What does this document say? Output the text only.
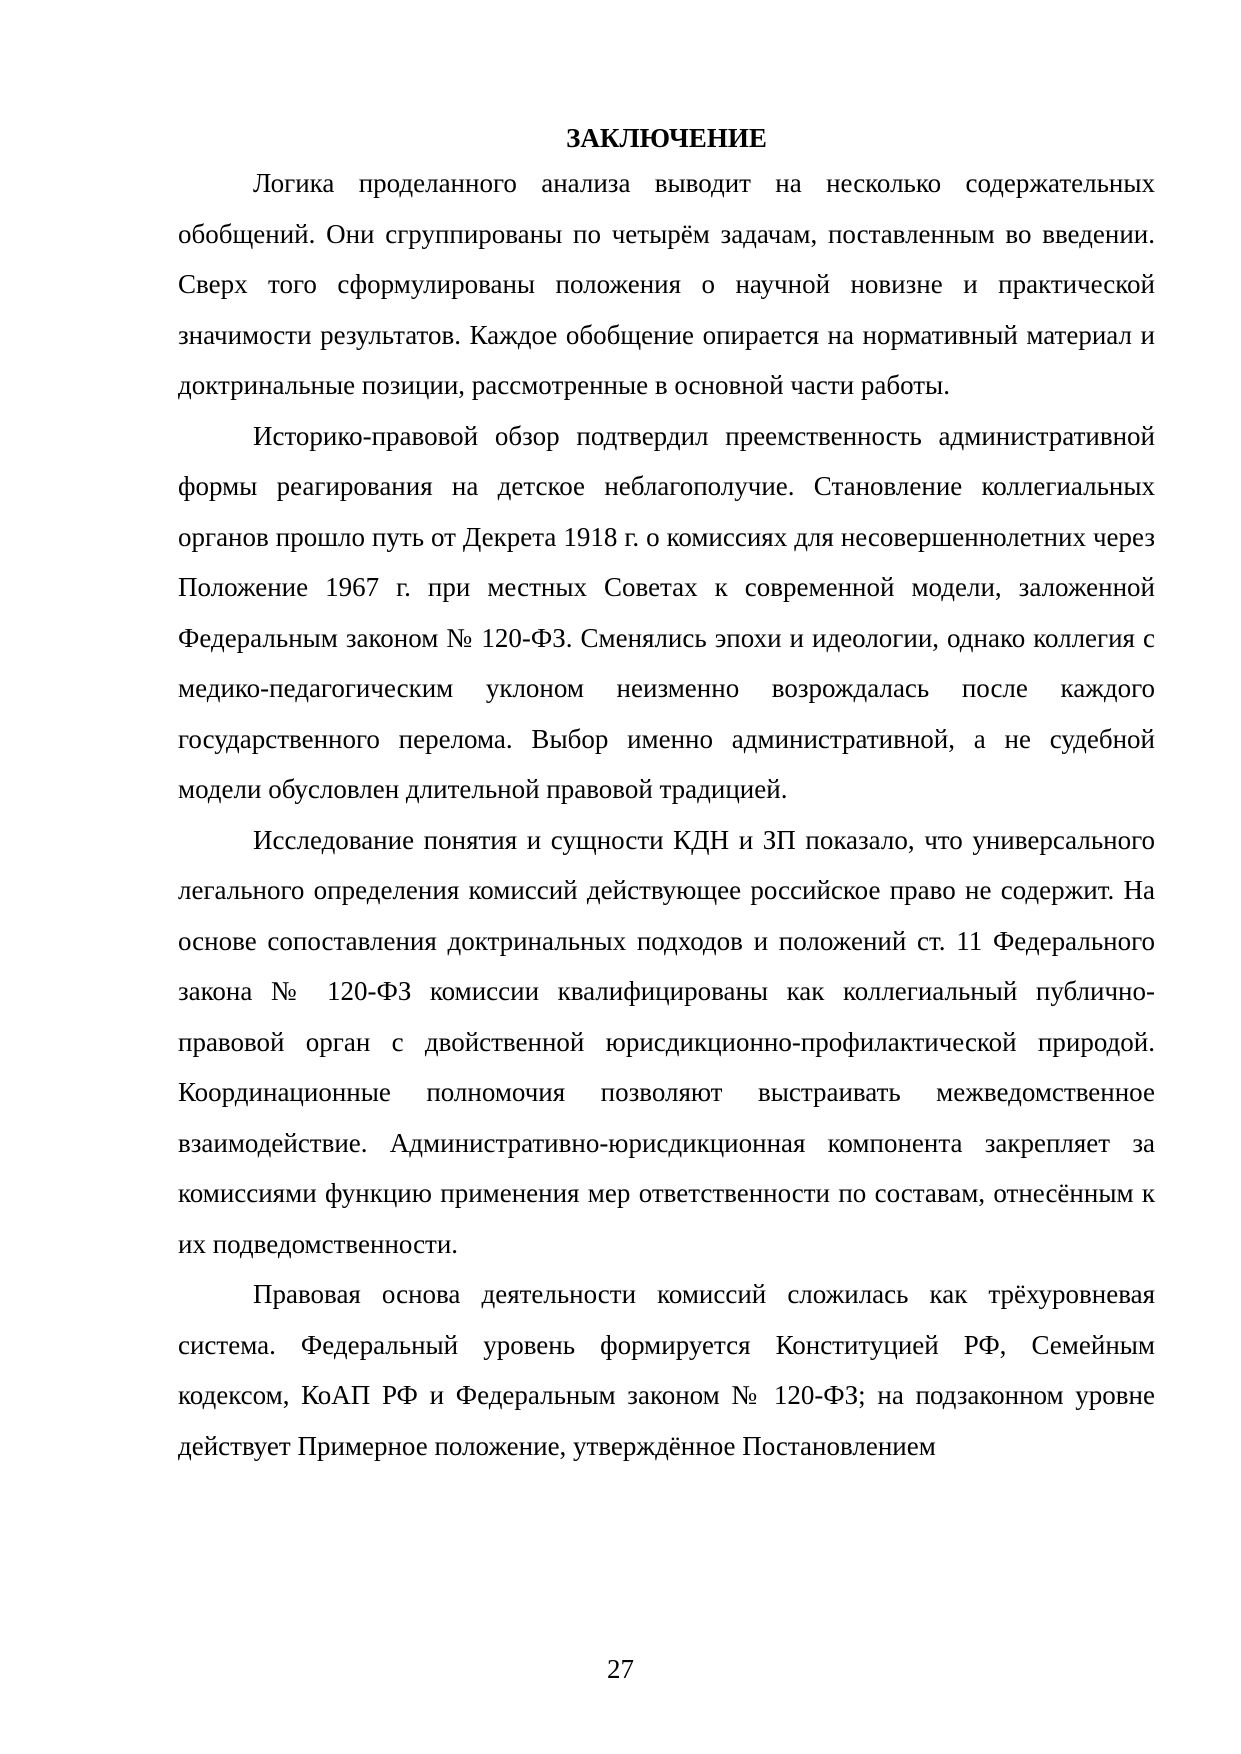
ЗАКЛЮЧЕНИЕ

Логика проделанного анализа выводит на несколько содержательных обобщений. Они сгруппированы по четырём задачам, поставленным во введении. Сверх того сформулированы положения о научной новизне и практической значимости результатов. Каждое обобщение опирается на нормативный материал и доктринальные позиции, рассмотренные в основной части работы.

Историко-правовой обзор подтвердил преемственность административной формы реагирования на детское неблагополучие. Становление коллегиальных органов прошло путь от Декрета 1918 г. о комиссиях для несовершеннолетних через Положение 1967 г. при местных Советах к современной модели, заложенной Федеральным законом № 120-ФЗ. Сменялись эпохи и идеологии, однако коллегия с медико-педагогическим уклоном неизменно возрождалась после каждого государственного перелома. Выбор именно административной, а не судебной модели обусловлен длительной правовой традицией.

Исследование понятия и сущности КДН и ЗП показало, что универсального легального определения комиссий действующее российское право не содержит. На основе сопоставления доктринальных подходов и положений ст. 11 Федерального закона № 120-ФЗ комиссии квалифицированы как коллегиальный публично-правовой орган с двойственной юрисдикционно-профилактической природой. Координационные полномочия позволяют выстраивать межведомственное взаимодействие. Административно-юрисдикционная компонента закрепляет за комиссиями функцию применения мер ответственности по составам, отнесённым к их подведомственности.

Правовая основа деятельности комиссий сложилась как трёхуровневая система. Федеральный уровень формируется Конституцией РФ, Семейным кодексом, КоАП РФ и Федеральным законом № 120-ФЗ; на подзаконном уровне действует Примерное положение, утверждённое Постановлением

27
